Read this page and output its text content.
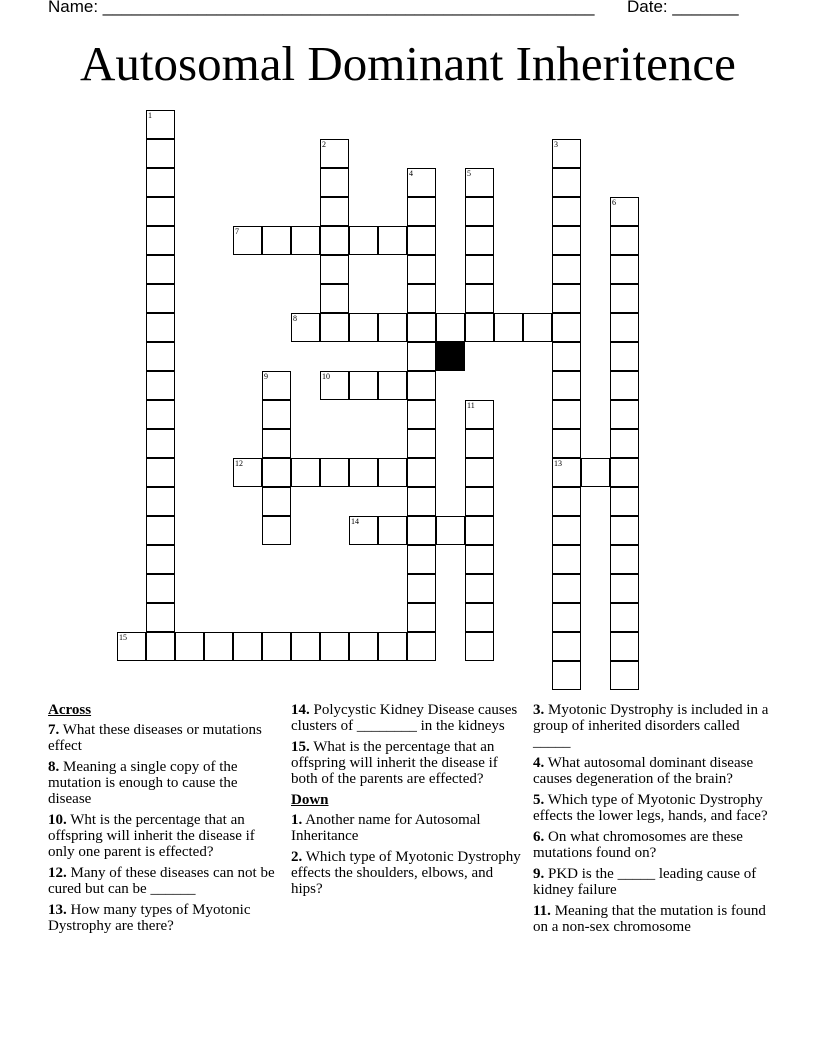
Name: ____________________________________________________ Date: _______
Autosomal Dominant Inheritence
1
2	3
13
4	5
6
7
8
9	10
11
12
14
15
Across
7. What these diseases or mutations effect
8. Meaning a single copy of the mutation is enough to cause the disease
10. Wht is the percentage that an offspring will inherit the disease if only one parent is effected?
12. Many of these diseases can not be cured but can be ______
13. How many types of Myotonic Dystrophy are there?
14. Polycystic Kidney Disease causes clusters of ________ in the kidneys
15. What is the percentage that an offspring will inherit the disease if both of the parents are effected?
Down
1. Another name for Autosomal Inheritance
2. Which type of Myotonic Dystrophy effects the shoulders, elbows, and hips?
3. Myotonic Dystrophy is included in a group of inherited disorders called _____
4. What autosomal dominant disease causes degeneration of the brain?
5. Which type of Myotonic Dystrophy effects the lower legs, hands, and face?
6. On what chromosomes are these mutations found on?
9. PKD is the _____ leading cause of kidney failure
11. Meaning that the mutation is found on a non-sex chromosome
